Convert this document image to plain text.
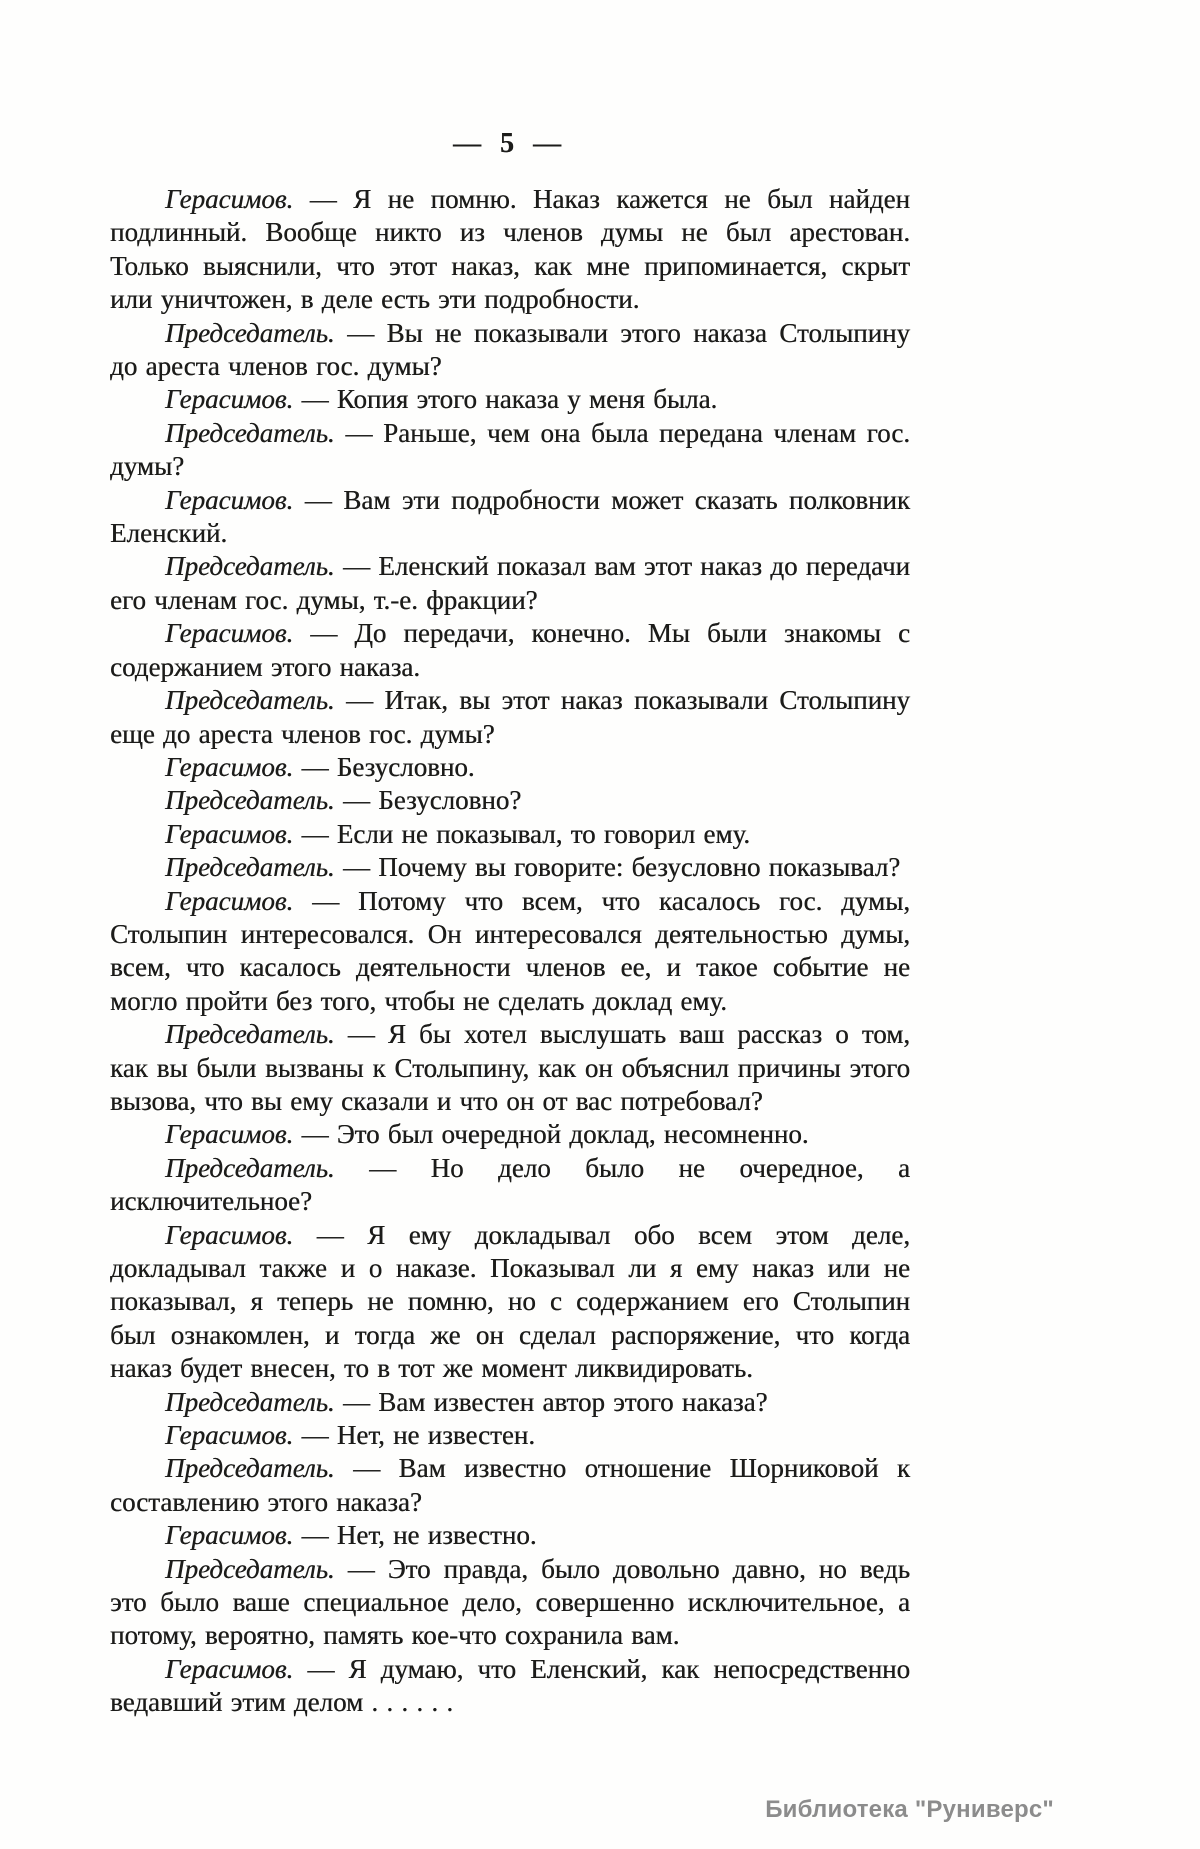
— 5 —

Герасимов. — Я не помню. Наказ кажется не был найден подлинный. Вообще никто из членов думы не был арестован. Только выяснили, что этот наказ, как мне припоминается, скрыт или уничтожен, в деле есть эти подробности.

Председатель. — Вы не показывали этого наказа Столыпину до ареста членов гос. думы?

Герасимов. — Копия этого наказа у меня была.

Председатель. — Раньше, чем она была передана членам гос. думы?

Герасимов. — Вам эти подробности может сказать полковник Еленский.

Председатель. — Еленский показал вам этот наказ до передачи его членам гос. думы, т.-е. фракции?

Герасимов. — До передачи, конечно. Мы были знакомы с содержанием этого наказа.

Председатель. — Итак, вы этот наказ показывали Столыпину еще до ареста членов гос. думы?

Герасимов. — Безусловно.

Председатель. — Безусловно?

Герасимов. — Если не показывал, то говорил ему.

Председатель. — Почему вы говорите: безусловно показывал?

Герасимов. — Потому что всем, что касалось гос. думы, Столыпин интересовался. Он интересовался деятельностью думы, всем, что касалось деятельности членов ее, и такое событие не могло пройти без того, чтобы не сделать доклад ему.

Председатель. — Я бы хотел выслушать ваш рассказ о том, как вы были вызваны к Столыпину, как он объяснил причины этого вызова, что вы ему сказали и что он от вас потребовал?

Герасимов. — Это был очередной доклад, несомненно.

Председатель. — Но дело было не очередное, а исключительное?

Герасимов. — Я ему докладывал обо всем этом деле, докладывал также и о наказе. Показывал ли я ему наказ или не показывал, я теперь не помню, но с содержанием его Столыпин был ознакомлен, и тогда же он сделал распоряжение, что когда наказ будет внесен, то в тот же момент ликвидировать.

Председатель. — Вам известен автор этого наказа?

Герасимов. — Нет, не известен.

Председатель. — Вам известно отношение Шорниковой к составлению этого наказа?

Герасимов. — Нет, не известно.

Председатель. — Это правда, было довольно давно, но ведь это было ваше специальное дело, совершенно исключительное, а потому, вероятно, память кое-что сохранила вам.

Герасимов. — Я думаю, что Еленский, как непосредственно ведавший этим делом . . . . . .

Библиотека "Руниверс"
